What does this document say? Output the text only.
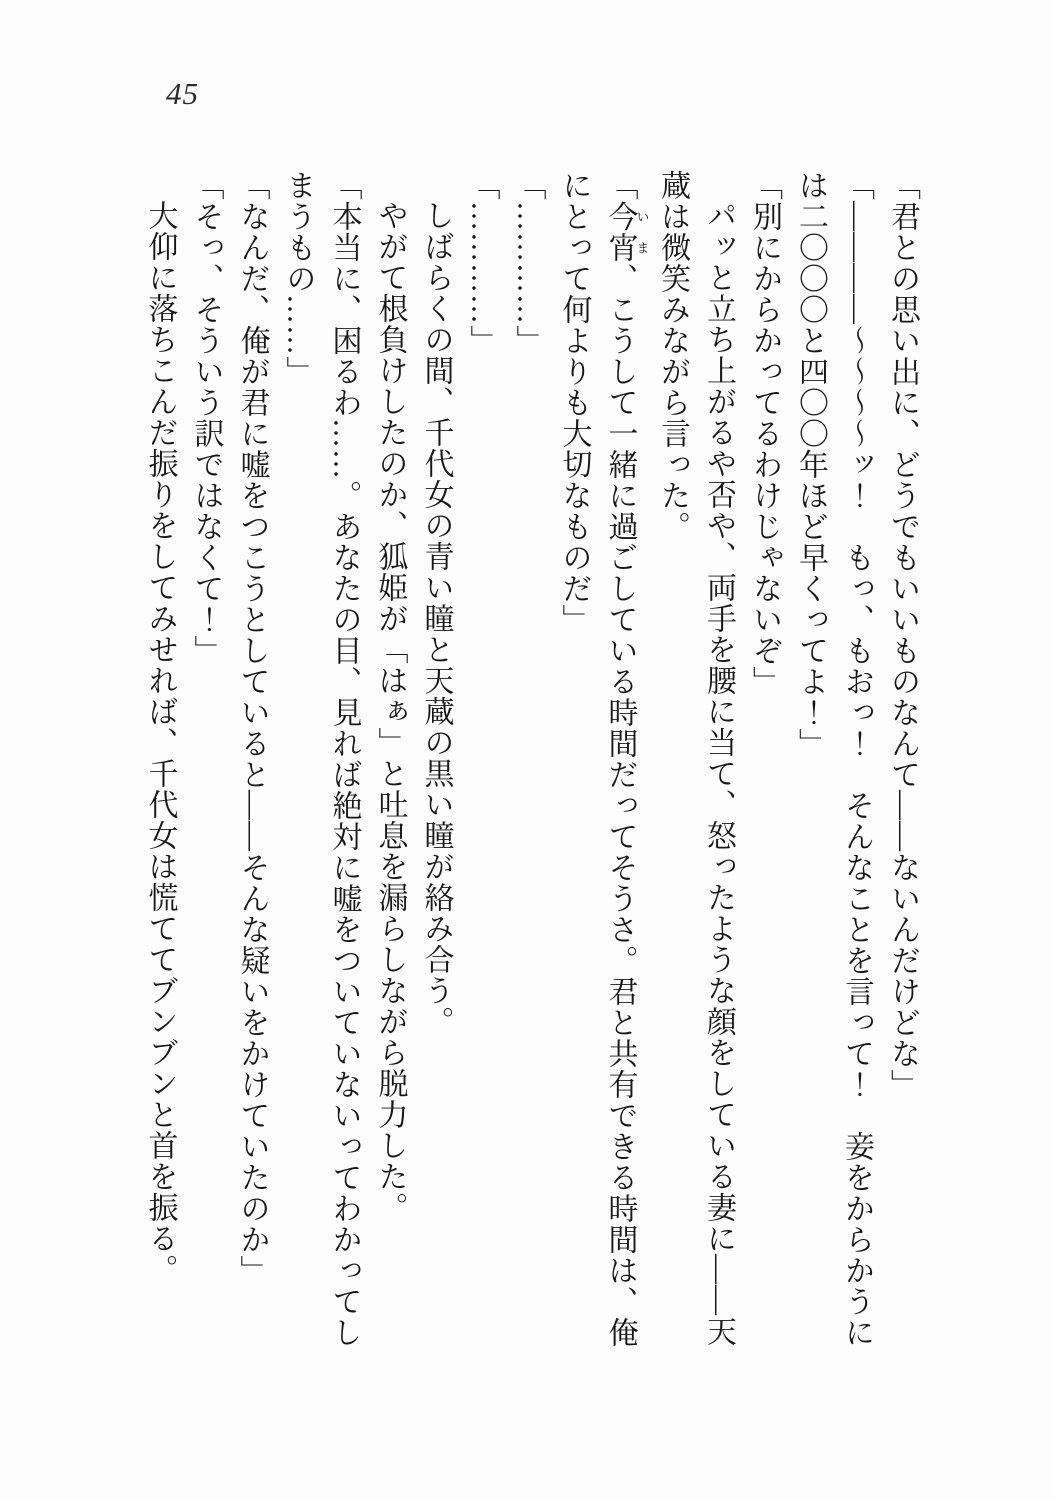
45

「君との思い出に、どうでもいいものなんて――ないんだけどな」

「――――〜〜〜〜ッ！　もっ、もおっ！　そんなことを言って！　妾をからかうには二〇〇〇と四〇〇年ほど早くってよ！」

「別にからかってるわけじゃないぞ」

パッと立ち上がるや否や、両手を腰に当て、怒ったような顔をしている妻に――天蔵は微笑みながら言った。

「今宵いま、こうして一緒に過ごしている時間だってそうさ。君と共有できる時間は、俺にとって何よりも大切なものだ」

「…………」

「…………」

しばらくの間、千代女の青い瞳と天蔵の黒い瞳が絡み合う。

やがて根負けしたのか、狐姫が「はぁ」と吐息を漏らしながら脱力した。

「本当に、困るわ……。あなたの目、見れば絶対に嘘をついていないってわかってしまうもの……」

「なんだ、俺が君に嘘をつこうとしていると――そんな疑いをかけていたのか」

「そっ、そういう訳ではなくて！」

大仰に落ちこんだ振りをしてみせれば、千代女は慌ててブンブンと首を振る。
